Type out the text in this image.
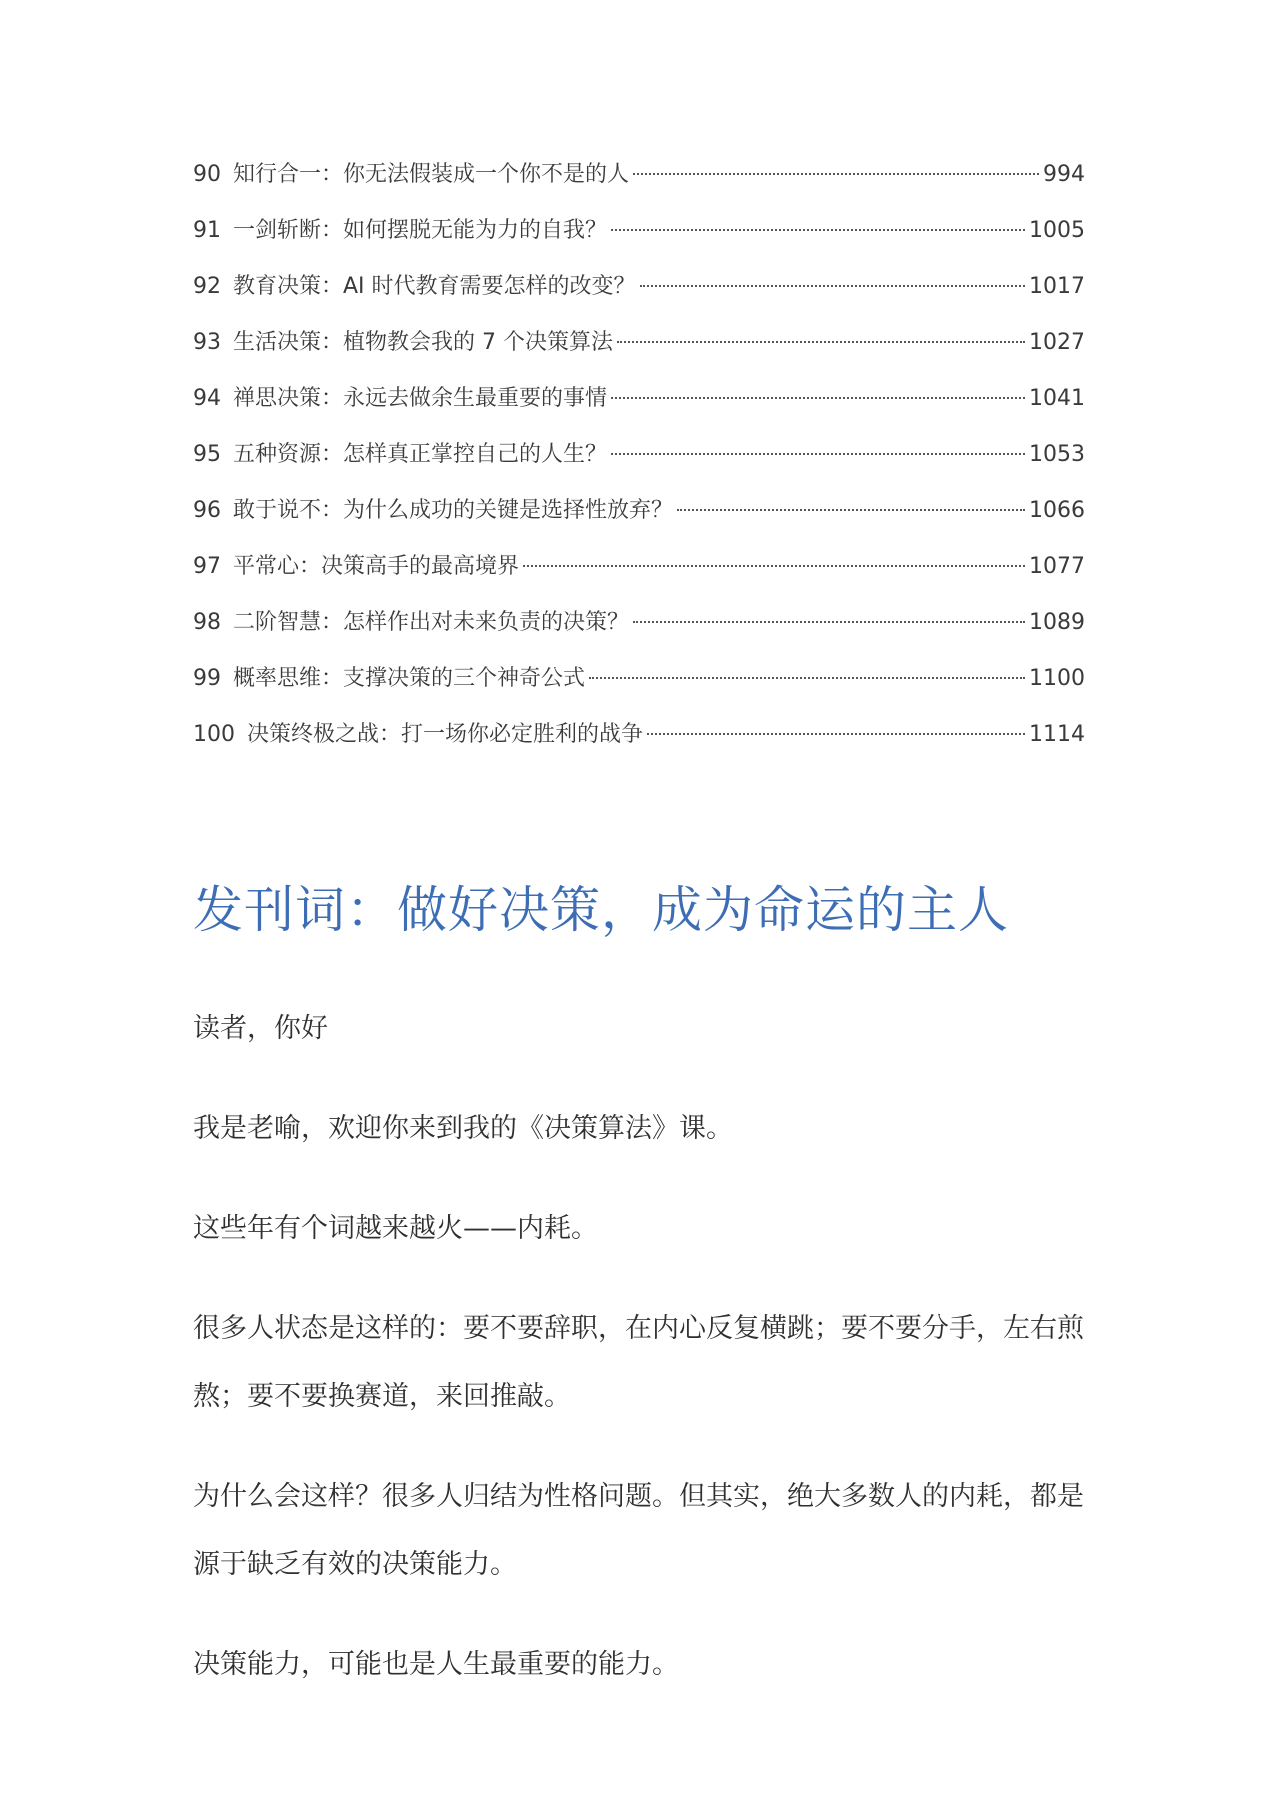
90 知行合一：你无法假装成一个你不是的人	994
91 一剑斩断：如何摆脱无能为力的自我？	1005
92 教育决策：AI 时代教育需要怎样的改变？	1017
93 生活决策：植物教会我的 7 个决策算法	1027
94 禅思决策：永远去做余生最重要的事情	1041
95 五种资源：怎样真正掌控自己的人生？	1053
96 敢于说不：为什么成功的关键是选择性放弃？	1066
97 平常心：决策高手的最高境界	1077
98 二阶智慧：怎样作出对未来负责的决策？	1089
99 概率思维：支撑决策的三个神奇公式	1100
100 决策终极之战：打一场你必定胜利的战争	1114
发刊词：做好决策，成为命运的主人

读者，你好

我是老喻，欢迎你来到我的《决策算法》课。

这些年有个词越来越火——内耗。

很多人状态是这样的：要不要辞职，在内心反复横跳；要不要分手，左右煎熬；要不要换赛道，来回推敲。

为什么会这样？很多人归结为性格问题。但其实，绝大多数人的内耗，都是源于缺乏有效的决策能力。

决策能力，可能也是人生最重要的能力。
